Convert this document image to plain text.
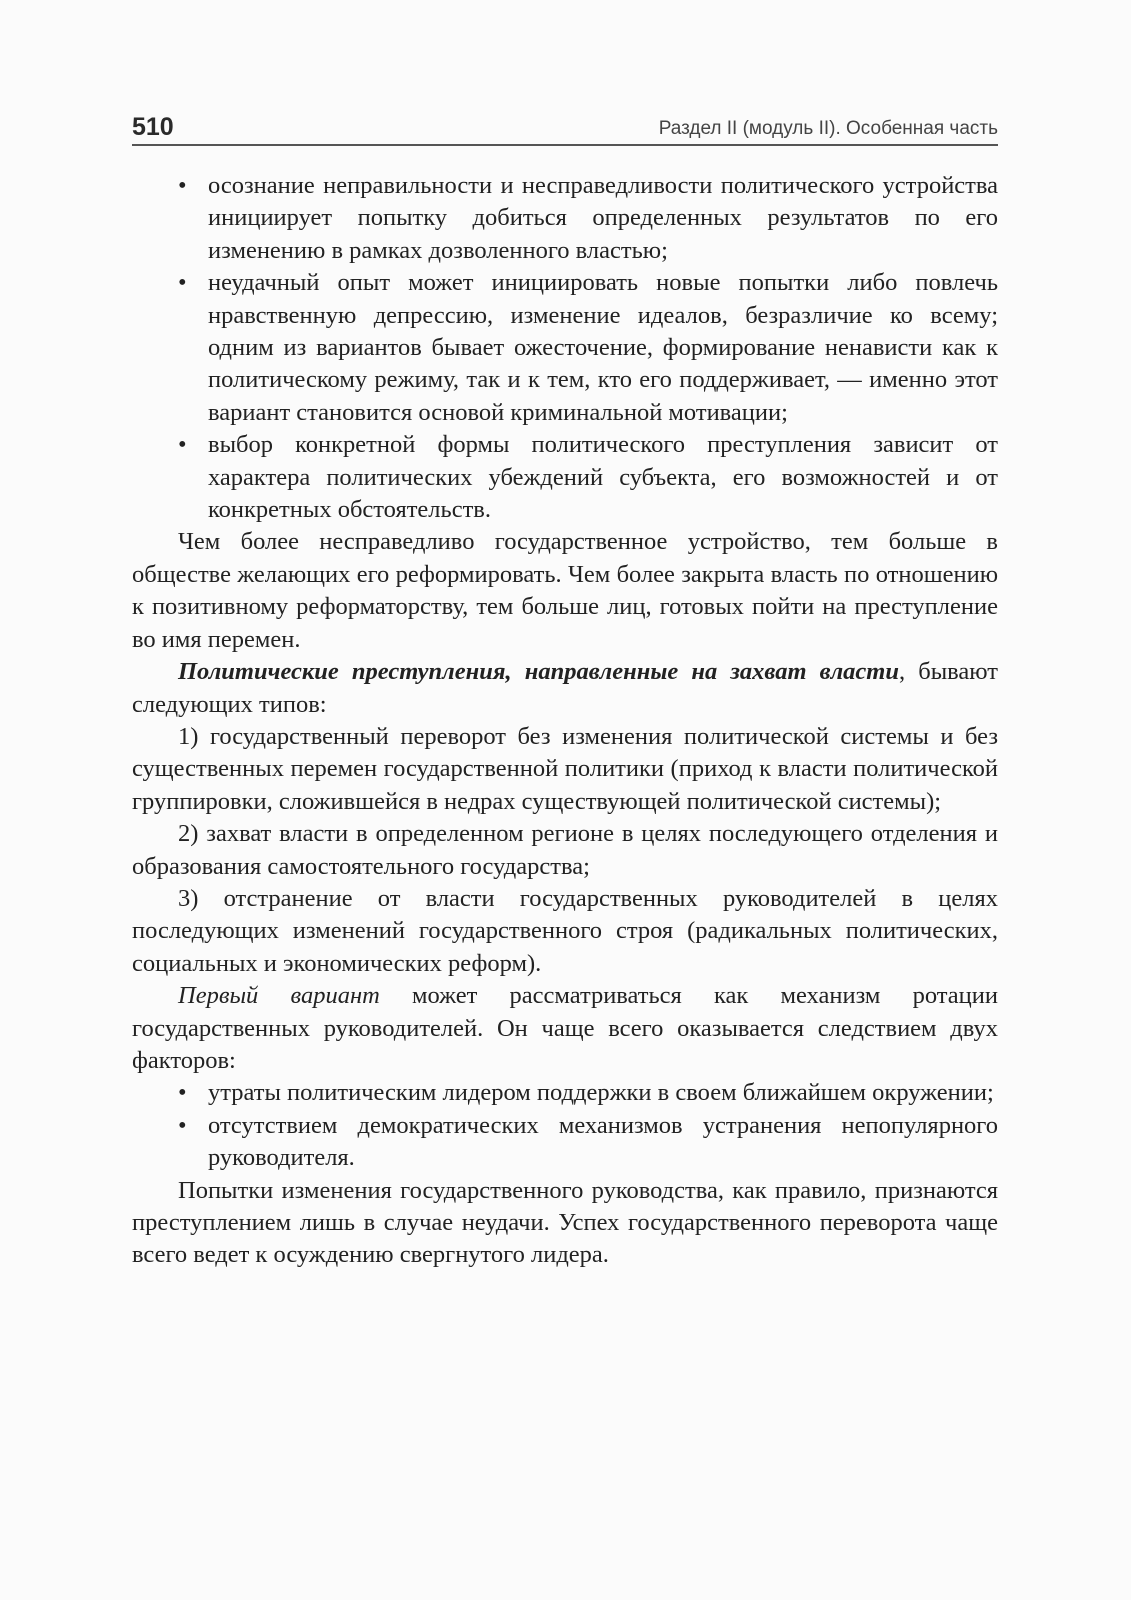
510	Раздел II (модуль II). Особенная часть
• осознание неправильности и несправедливости политического устройства инициирует попытку добиться определенных результатов по его изменению в рамках дозволенного властью;
• неудачный опыт может инициировать новые попытки либо повлечь нравственную депрессию, изменение идеалов, безразличие ко всему; одним из вариантов бывает ожесточение, формирование ненависти как к политическому режиму, так и к тем, кто его поддерживает, — именно этот вариант становится основой криминальной мотивации;
• выбор конкретной формы политического преступления зависит от характера политических убеждений субъекта, его возможностей и от конкретных обстоятельств.

Чем более несправедливо государственное устройство, тем больше в обществе желающих его реформировать. Чем более закрыта власть по отношению к позитивному реформаторству, тем больше лиц, готовых пойти на преступление во имя перемен.

Политические преступления, направленные на захват власти, бывают следующих типов:

1) государственный переворот без изменения политической системы и без существенных перемен государственной политики (приход к власти политической группировки, сложившейся в недрах существующей политической системы);

2) захват власти в определенном регионе в целях последующего отделения и образования самостоятельного государства;

3) отстранение от власти государственных руководителей в целях последующих изменений государственного строя (радикальных политических, социальных и экономических реформ).

Первый вариант может рассматриваться как механизм ротации государственных руководителей. Он чаще всего оказывается следствием двух факторов:

• утраты политическим лидером поддержки в своем ближайшем окружении;
• отсутствием демократических механизмов устранения непопулярного руководителя.

Попытки изменения государственного руководства, как правило, признаются преступлением лишь в случае неудачи. Успех государственного переворота чаще всего ведет к осуждению свергнутого лидера.
